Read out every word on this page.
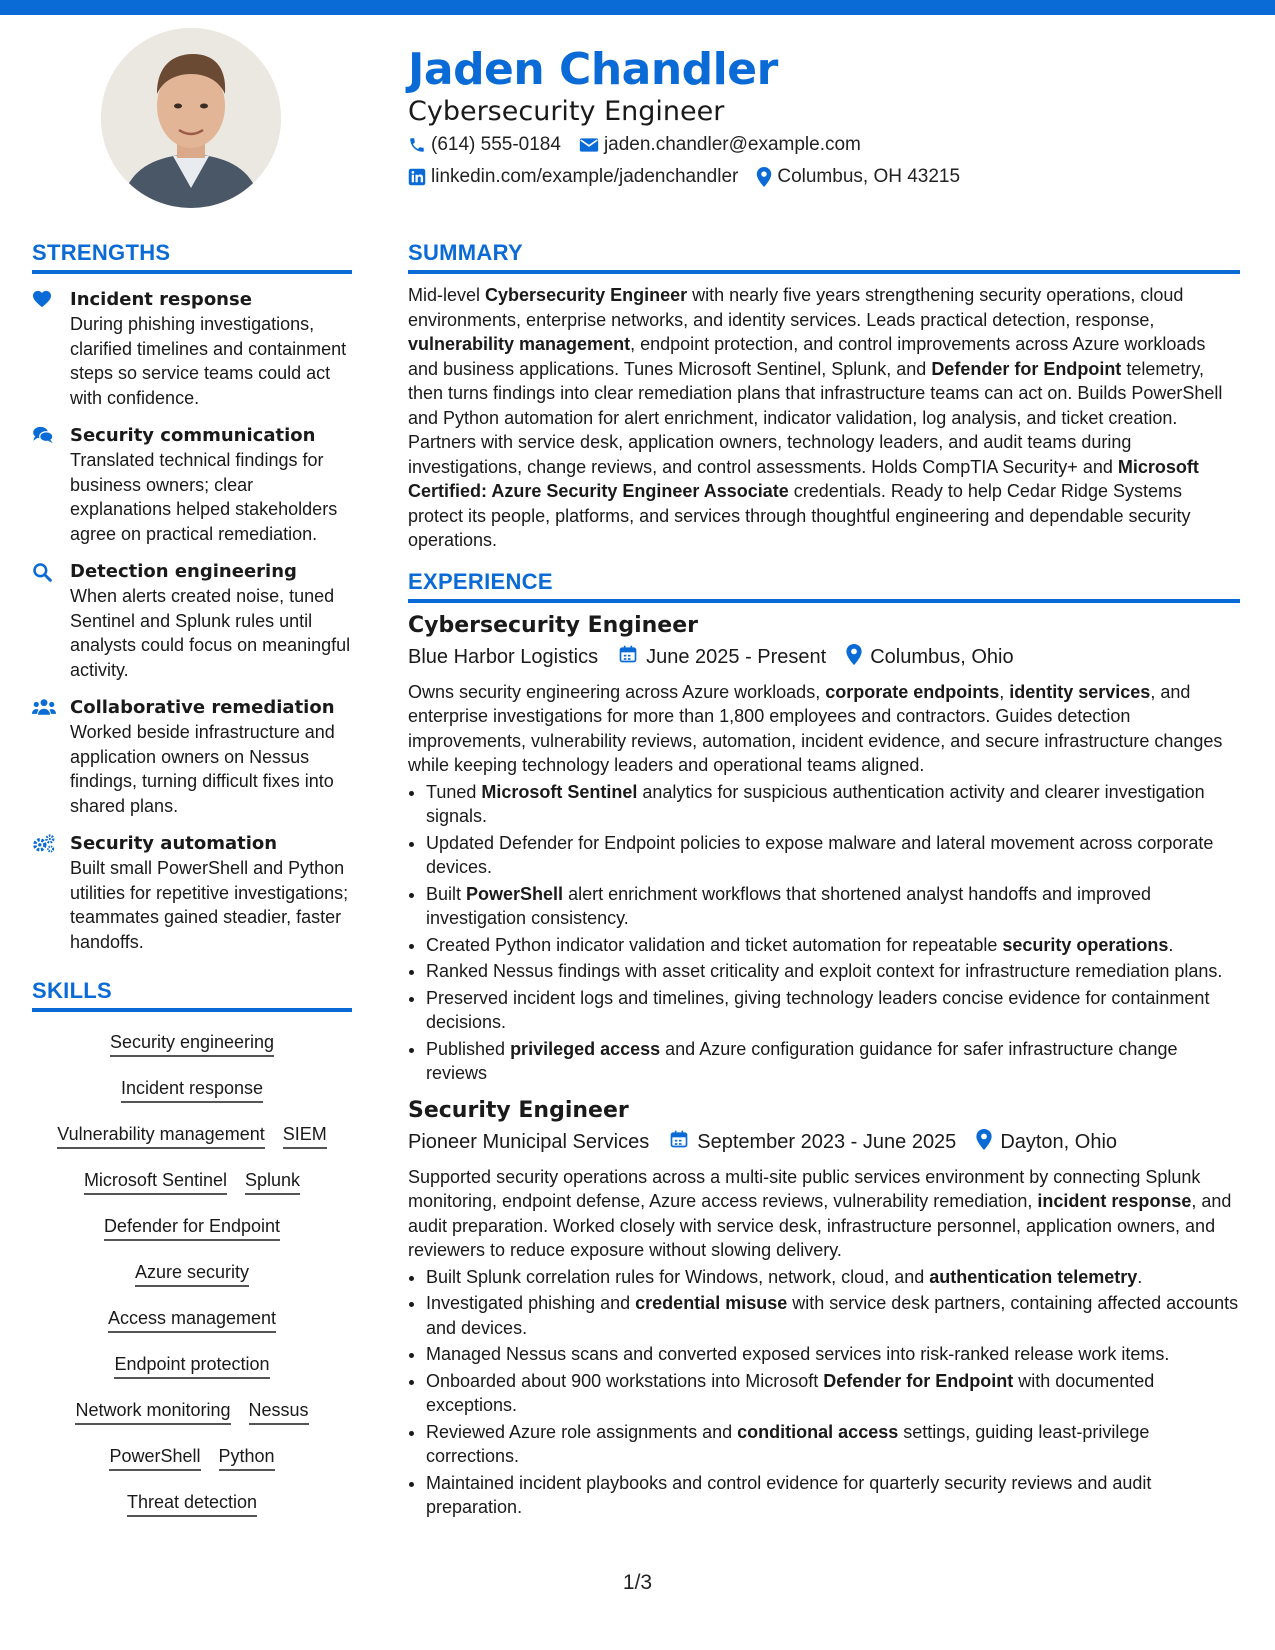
Jaden Chandler
Cybersecurity Engineer
(614) 555-0184 jaden.chandler@example.com
linkedin.com/example/jadenchandler Columbus, OH 43215
STRENGTHS
Incident response
During phishing investigations, clarified timelines and containment steps so service teams could act with confidence.
Security communication
Translated technical findings for business owners; clear explanations helped stakeholders agree on practical remediation.
Detection engineering
When alerts created noise, tuned Sentinel and Splunk rules until analysts could focus on meaningful activity.
Collaborative remediation
Worked beside infrastructure and application owners on Nessus findings, turning difficult fixes into shared plans.
Security automation
Built small PowerShell and Python utilities for repetitive investigations; teammates gained steadier, faster handoffs.
SKILLS
Security engineering
Incident response
Vulnerability management SIEM
Microsoft Sentinel Splunk
Defender for Endpoint
Azure security
Access management
Endpoint protection
Network monitoring Nessus
PowerShell Python
Threat detection
SUMMARY
Mid-level Cybersecurity Engineer with nearly five years strengthening security operations, cloud environments, enterprise networks, and identity services. Leads practical detection, response, vulnerability management, endpoint protection, and control improvements across Azure workloads and business applications. Tunes Microsoft Sentinel, Splunk, and Defender for Endpoint telemetry, then turns findings into clear remediation plans that infrastructure teams can act on. Builds PowerShell and Python automation for alert enrichment, indicator validation, log analysis, and ticket creation. Partners with service desk, application owners, technology leaders, and audit teams during investigations, change reviews, and control assessments. Holds CompTIA Security+ and Microsoft Certified: Azure Security Engineer Associate credentials. Ready to help Cedar Ridge Systems protect its people, platforms, and services through thoughtful engineering and dependable security operations.
EXPERIENCE
Cybersecurity Engineer
Blue Harbor Logistics June 2025 - Present Columbus, Ohio
Owns security engineering across Azure workloads, corporate endpoints, identity services, and enterprise investigations for more than 1,800 employees and contractors. Guides detection improvements, vulnerability reviews, automation, incident evidence, and secure infrastructure changes while keeping technology leaders and operational teams aligned.
• Tuned Microsoft Sentinel analytics for suspicious authentication activity and clearer investigation signals.
• Updated Defender for Endpoint policies to expose malware and lateral movement across corporate devices.
• Built PowerShell alert enrichment workflows that shortened analyst handoffs and improved investigation consistency.
• Created Python indicator validation and ticket automation for repeatable security operations.
• Ranked Nessus findings with asset criticality and exploit context for infrastructure remediation plans.
• Preserved incident logs and timelines, giving technology leaders concise evidence for containment decisions.
• Published privileged access and Azure configuration guidance for safer infrastructure change reviews
Security Engineer
Pioneer Municipal Services September 2023 - June 2025 Dayton, Ohio
Supported security operations across a multi-site public services environment by connecting Splunk monitoring, endpoint defense, Azure access reviews, vulnerability remediation, incident response, and audit preparation. Worked closely with service desk, infrastructure personnel, application owners, and reviewers to reduce exposure without slowing delivery.
• Built Splunk correlation rules for Windows, network, cloud, and authentication telemetry.
• Investigated phishing and credential misuse with service desk partners, containing affected accounts and devices.
• Managed Nessus scans and converted exposed services into risk-ranked release work items.
• Onboarded about 900 workstations into Microsoft Defender for Endpoint with documented exceptions.
• Reviewed Azure role assignments and conditional access settings, guiding least-privilege corrections.
• Maintained incident playbooks and control evidence for quarterly security reviews and audit preparation.
1/3
